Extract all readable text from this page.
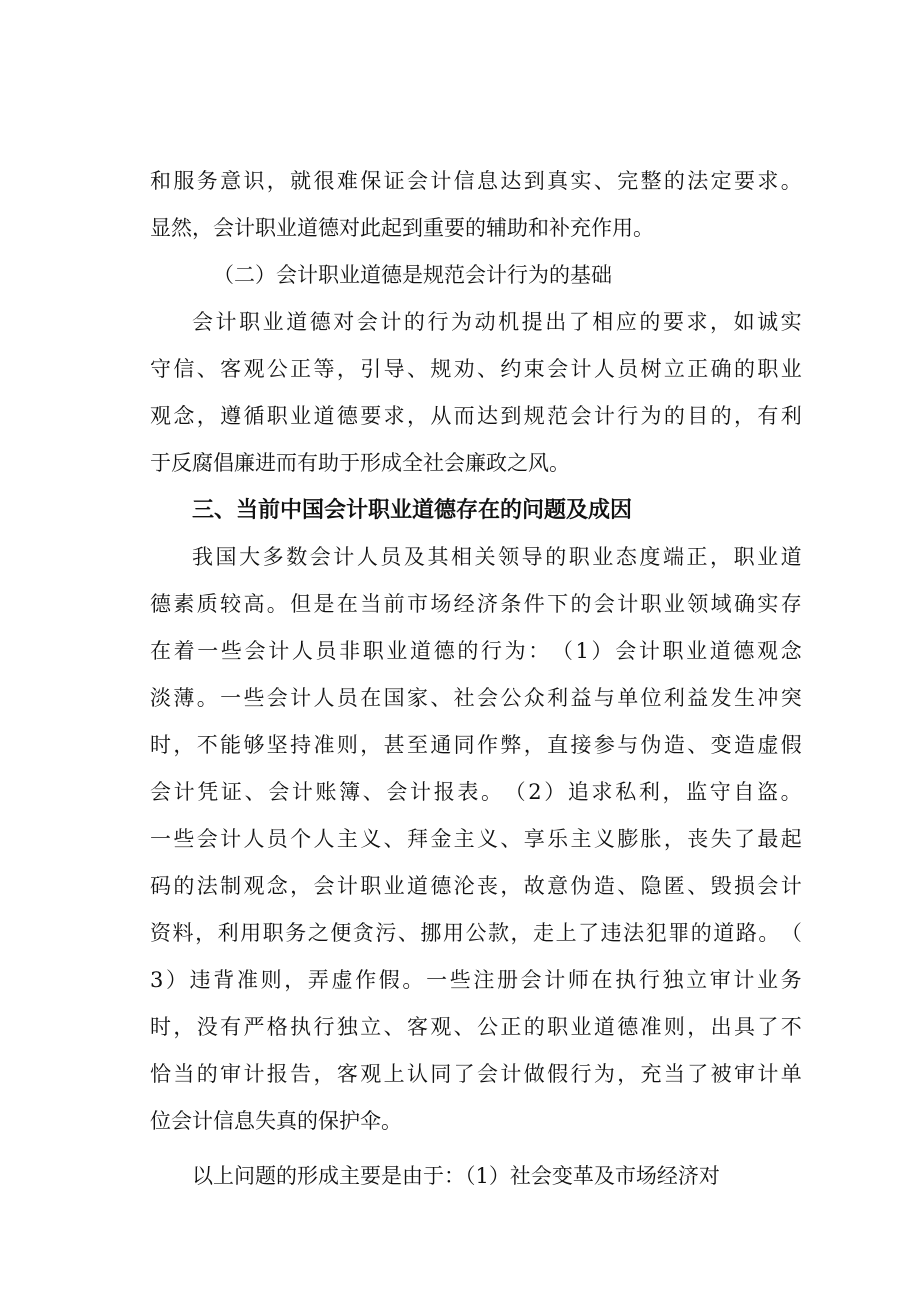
和 服 务 意 识 ， 就 很 难 保 证 会 计 信 息 达 到 真 实 、 完 整 的 法 定 要 求 。
显然，会计职业道德对此起到重要的辅助和补充作用。
（二）会计职业道德是规范会计行为的基础
会 计 职 业 道 德 对 会 计 的 行 为 动 机 提 出 了 相 应 的 要 求 ， 如 诚 实
守 信 、 客 观 公 正 等 ， 引 导 、 规 劝 、 约 束 会 计 人 员 树 立 正 确 的 职 业
观 念 ， 遵 循 职 业 道 德 要 求 ， 从 而 达 到 规 范 会 计 行 为 的 目 的 ， 有 利
于反腐倡廉进而有助于形成全社会廉政之风。
三、当前中国会计职业道德存在的问题及成因
我 国 大 多 数 会 计 人 员 及 其 相 关 领 导 的 职 业 态 度 端 正 ， 职 业 道
德 素 质 较 高 。 但 是 在 当 前 市 场 经 济 条 件 下 的 会 计 职 业 领 域 确 实 存
在 着 一 些 会 计 人 员 非 职 业 道 德 的 行 为 ： （ 1 ） 会 计 职 业 道 德 观 念
淡 薄 。 一 些 会 计 人 员 在 国 家 、 社 会 公 众 利 益 与 单 位 利 益 发 生 冲 突
时 ， 不 能 够 坚 持 准 则 ， 甚 至 通 同 作 弊 ， 直 接 参 与 伪 造 、 变 造 虚 假
会 计 凭 证 、 会 计 账 簿 、 会 计 报 表 。 （ 2 ） 追 求 私 利 ， 监 守 自 盗 。
一 些 会 计 人 员 个 人 主 义 、 拜 金 主 义 、 享 乐 主 义 膨 胀 ， 丧 失 了 最 起
码 的 法 制 观 念 ， 会 计 职 业 道 德 沦 丧 ， 故 意 伪 造 、 隐 匿 、 毁 损 会 计
资 料 ， 利 用 职 务 之 便 贪 污 、 挪 用 公 款 ， 走 上 了 违 法 犯 罪 的 道 路 。 （
3 ） 违 背 准 则 ， 弄 虚 作 假 。 一 些 注 册 会 计 师 在 执 行 独 立 审 计 业 务
时 ， 没 有 严 格 执 行 独 立 、 客 观 、 公 正 的 职 业 道 德 准 则 ， 出 具 了 不
恰 当 的 审 计 报 告 ， 客 观 上 认 同 了 会 计 做 假 行 为 ， 充 当 了 被 审 计 单
位会计信息失真的保护伞。
以上问题的形成主要是由于：（1）社会变革及市场经济对
